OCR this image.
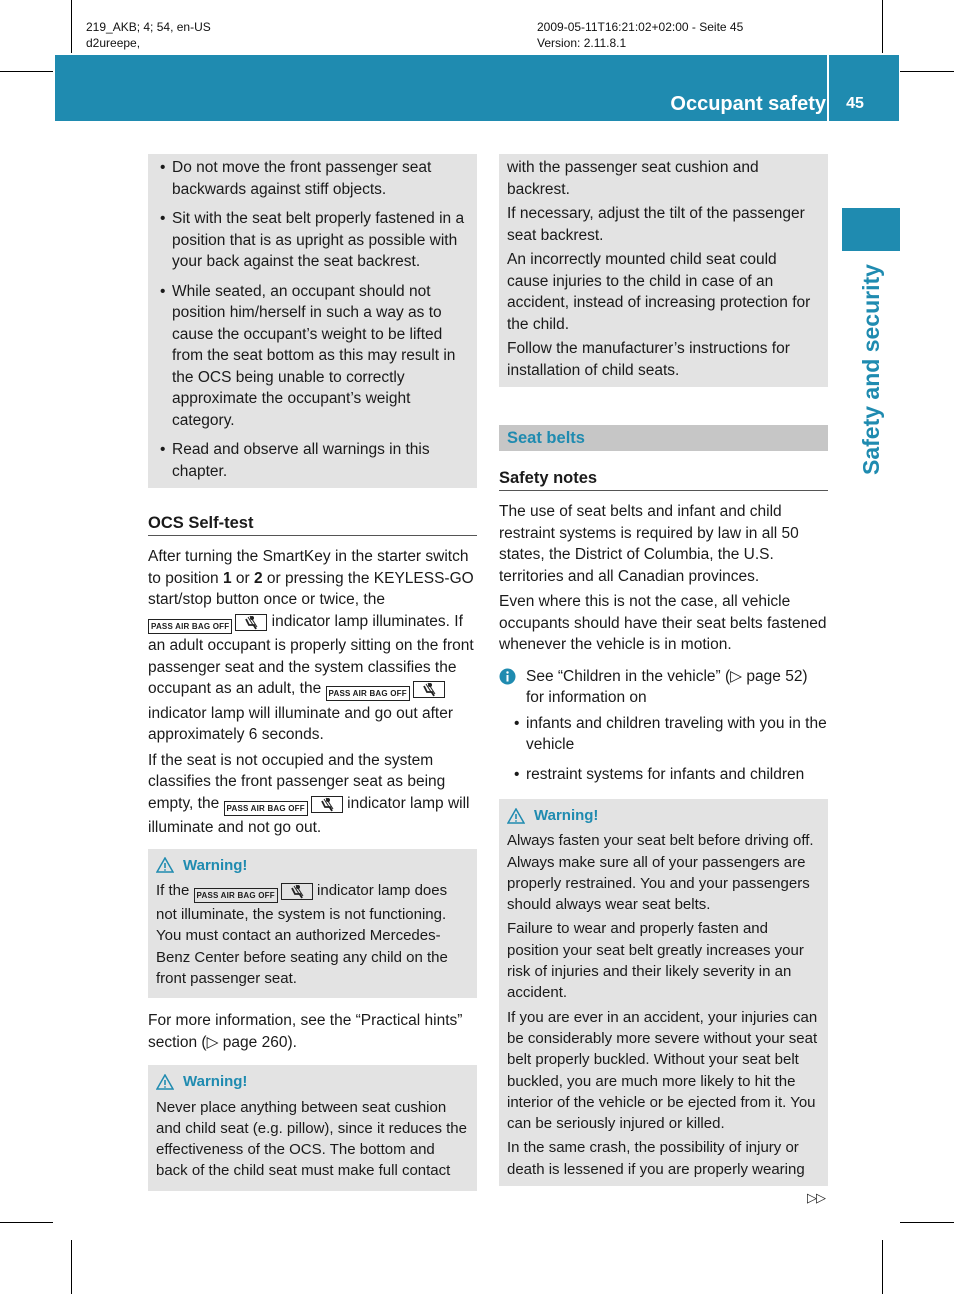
219_AKB; 4; 54, en-US
d2ureepe,
2009-05-11T16:21:02+02:00 - Seite 45
Version: 2.11.8.1
Occupant safety	45
Safety and security
• Do not move the front passenger seat backwards against stiff objects.
• Sit with the seat belt properly fastened in a position that is as upright as possible with your back against the seat backrest.
• While seated, an occupant should not position him/herself in such a way as to cause the occupant’s weight to be lifted from the seat bottom as this may result in the OCS being unable to correctly approximate the occupant’s weight category.
• Read and observe all warnings in this chapter.
OCS Self-test

After turning the SmartKey in the starter switch to position 1 or 2 or pressing the KEYLESS-GO start/stop button once or twice, the PASS AIR BAG OFF
indicator lamp illuminates. If an adult occupant is properly sitting on the front passenger seat and the system classifies the occupant as an adult, the PASS AIR BAG OFF
indicator lamp will illuminate and go out after approximately 6 seconds.

If the seat is not occupied and the system classifies the front passenger seat as being empty, the PASS AIR BAG OFF
indicator lamp will illuminate and not go out.

Warning!

If the PASS AIR BAG OFF	indicator lamp does not illuminate, the system is not functioning. You must contact an authorized Mercedes-Benz Center before seating any child on the front passenger seat.

For more information, see the “Practical hints” section (▷ page 260).

Warning!

Never place anything between seat cushion and child seat (e.g. pillow), since it reduces the effectiveness of the OCS. The bottom and back of the child seat must make full contact

with the passenger seat cushion and backrest.

If necessary, adjust the tilt of the passenger seat backrest.

An incorrectly mounted child seat could cause injuries to the child in case of an accident, instead of increasing protection for the child.

Follow the manufacturer’s instructions for installation of child seats.

Seat belts
Safety notes

The use of seat belts and infant and child restraint systems is required by law in all 50 states, the District of Columbia, the U.S. territories and all Canadian provinces.

Even where this is not the case, all vehicle occupants should have their seat belts fastened whenever the vehicle is in motion.

See “Children in the vehicle” (▷ page 52) for information on

• infants and children traveling with you in the vehicle
• restraint systems for infants and children
Warning!

Always fasten your seat belt before driving off. Always make sure all of your passengers are properly restrained. You and your passengers should always wear seat belts.

Failure to wear and properly fasten and position your seat belt greatly increases your risk of injuries and their likely severity in an accident.

If you are ever in an accident, your injuries can be considerably more severe without your seat belt properly buckled. Without your seat belt buckled, you are much more likely to hit the interior of the vehicle or be ejected from it. You can be seriously injured or killed.

In the same crash, the possibility of injury or death is lessened if you are properly wearing

▷▷
